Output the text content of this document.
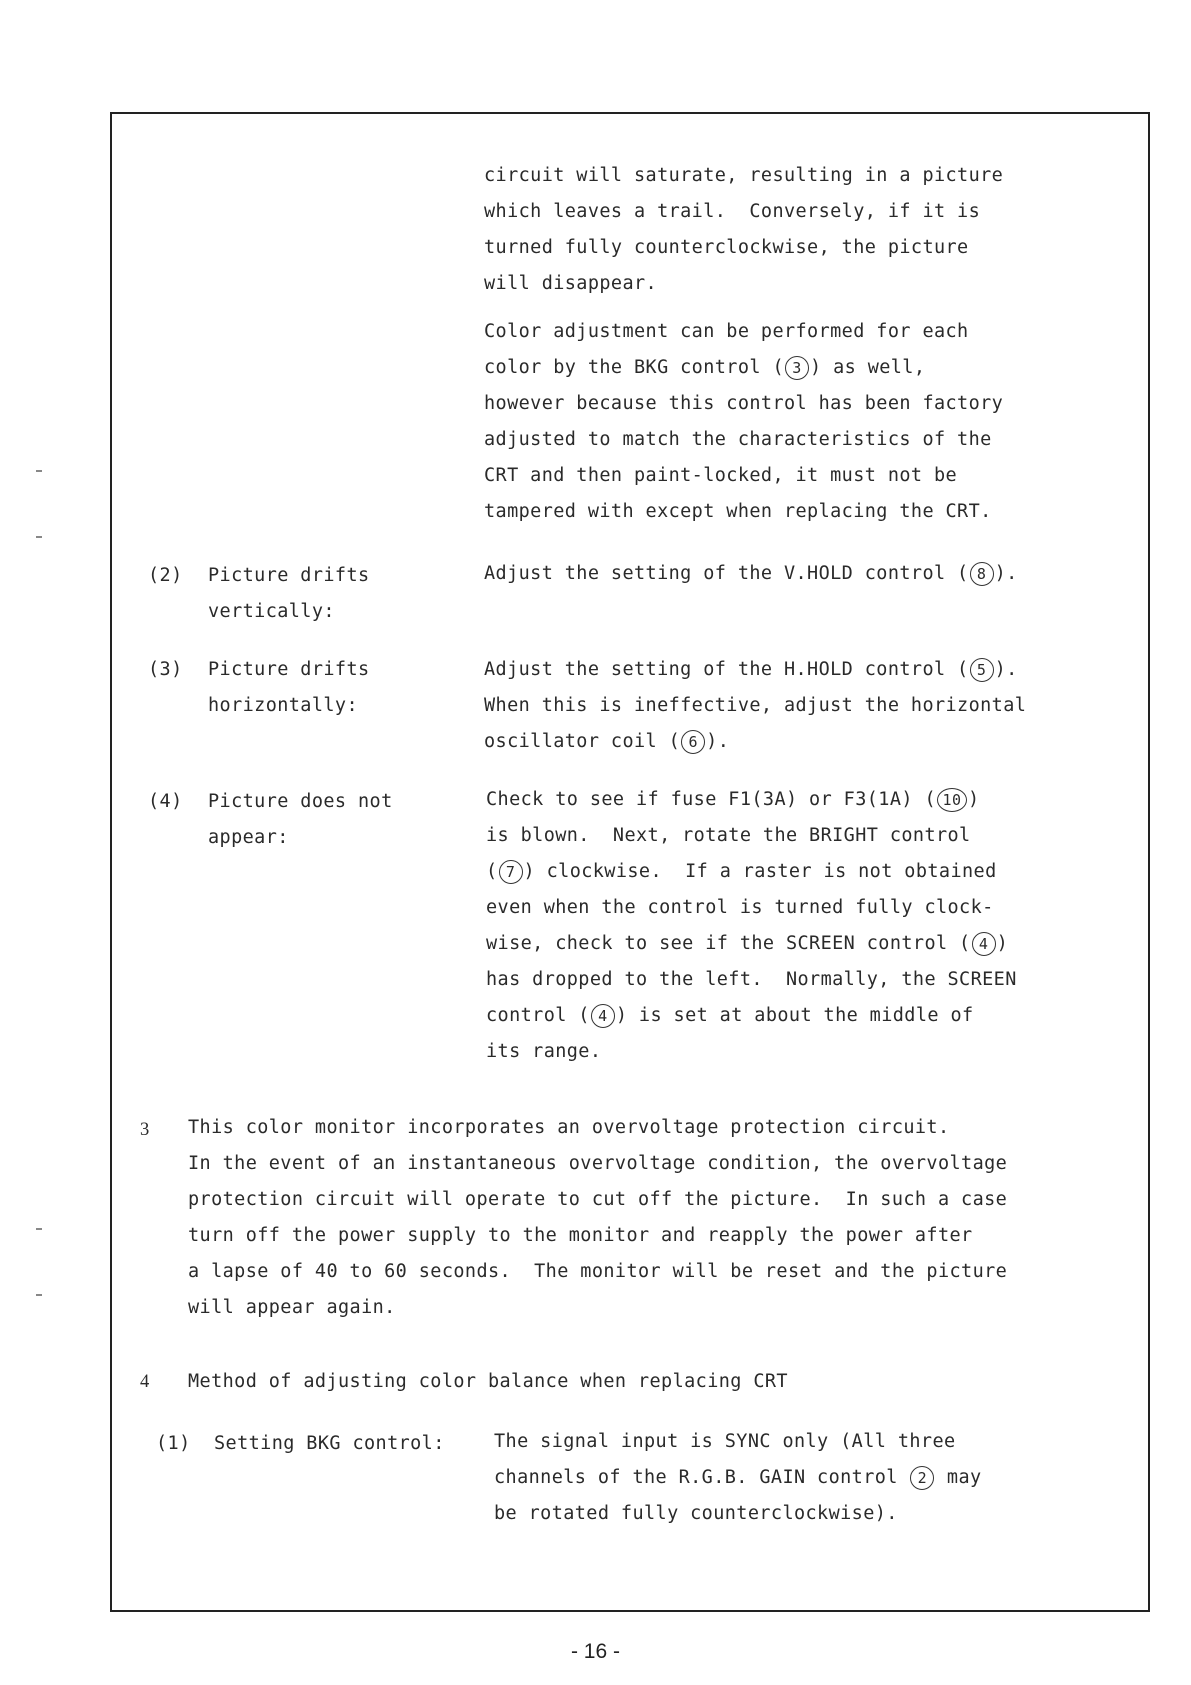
circuit will saturate, resulting in a picture
which leaves a trail.  Conversely, if it is
turned fully counterclockwise, the picture
will disappear.
Color adjustment can be performed for each
color by the BKG control ( 3 ) as well,
however because this control has been factory
adjusted to match the characteristics of the
CRT and then paint-locked, it must not be
tampered with except when replacing the CRT.
(2) Picture drifts
vertically:
Adjust the setting of the V.HOLD control ( 8 ).
(3) Picture drifts
horizontally:
Adjust the setting of the H.HOLD control ( 5 ).
When this is ineffective, adjust the horizontal
oscillator coil ( 6 ).
(4) Picture does not
appear:
Check to see if fuse F1(3A) or F3(1A) ( 10 )
is blown.  Next, rotate the BRIGHT control
( 7 ) clockwise.  If a raster is not obtained
even when the control is turned fully clock-
wise, check to see if the SCREEN control ( 4 )
has dropped to the left.  Normally, the SCREEN
control ( 4 ) is set at about the middle of
its range.
3 This color monitor incorporates an overvoltage protection circuit.
In the event of an instantaneous overvoltage condition, the overvoltage
protection circuit will operate to cut off the picture.  In such a case
turn off the power supply to the monitor and reapply the power after
a lapse of 40 to 60 seconds.  The monitor will be reset and the picture
will appear again.
4 Method of adjusting color balance when replacing CRT
(1) Setting BKG control:	The signal input is SYNC only (All three
channels of the R.G.B. GAIN control 2 may
be rotated fully counterclockwise).
- 16 -
